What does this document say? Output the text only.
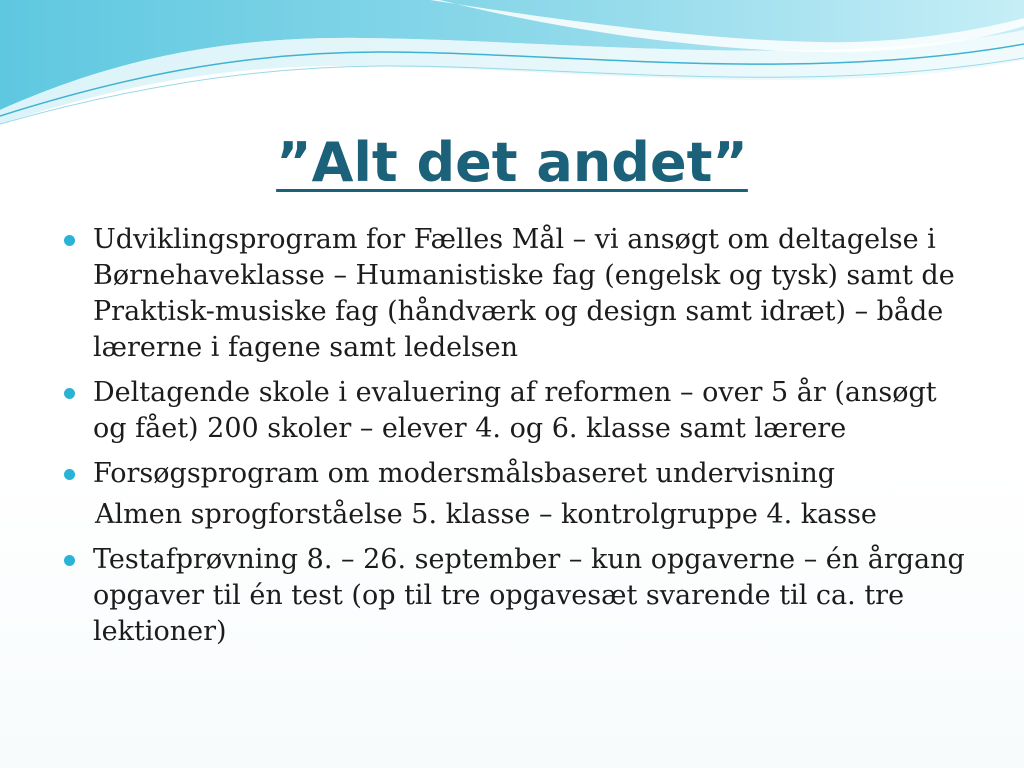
”Alt det andet”
Udviklingsprogram for Fælles Mål – vi ansøgt om deltagelse i Børnehaveklasse – Humanistiske fag (engelsk og tysk) samt de Praktisk-musiske fag (håndværk og design samt idræt) – både lærerne i fagene samt ledelsen
Deltagende skole i evaluering af reformen – over 5 år (ansøgt og fået) 200 skoler – elever 4. og 6. klasse samt lærere
Forsøgsprogram om modersmålsbaseret undervisning
Almen sprogforståelse 5. klasse – kontrolgruppe 4. kasse
Testafprøvning 8. – 26. september – kun opgaverne – én årgang opgaver til én test (op til tre opgavesæt svarende til ca. tre lektioner)
